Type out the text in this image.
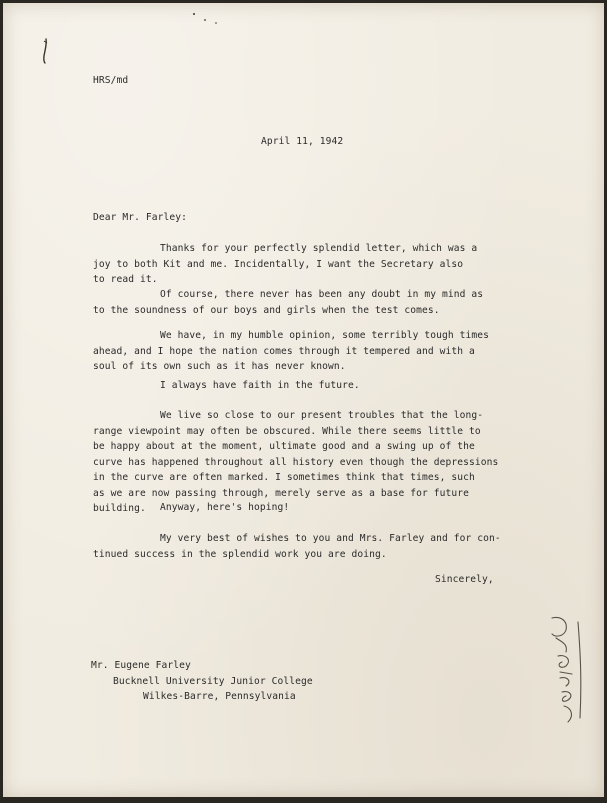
HRS/md
April 11, 1942
Dear Mr. Farley:
Thanks for your perfectly splendid letter, which was a
joy to both Kit and me. Incidentally, I want the Secretary also
to read it.
Of course, there never has been any doubt in my mind as
to the soundness of our boys and girls when the test comes.
We have, in my humble opinion, some terribly tough times
ahead, and I hope the nation comes through it tempered and with a
soul of its own such as it has never known.
I always have faith in the future.
We live so close to our present troubles that the long-
range viewpoint may often be obscured. While there seems little to
be happy about at the moment, ultimate good and a swing up of the
curve has happened throughout all history even though the depressions
in the curve are often marked. I sometimes think that times, such
as we are now passing through, merely serve as a base for future
building.	Anyway, here's hoping!
My very best of wishes to you and Mrs. Farley and for con-
tinued success in the splendid work you are doing.
Sincerely,
Mr. Eugene Farley
Bucknell University Junior College
Wilkes-Barre, Pennsylvania
